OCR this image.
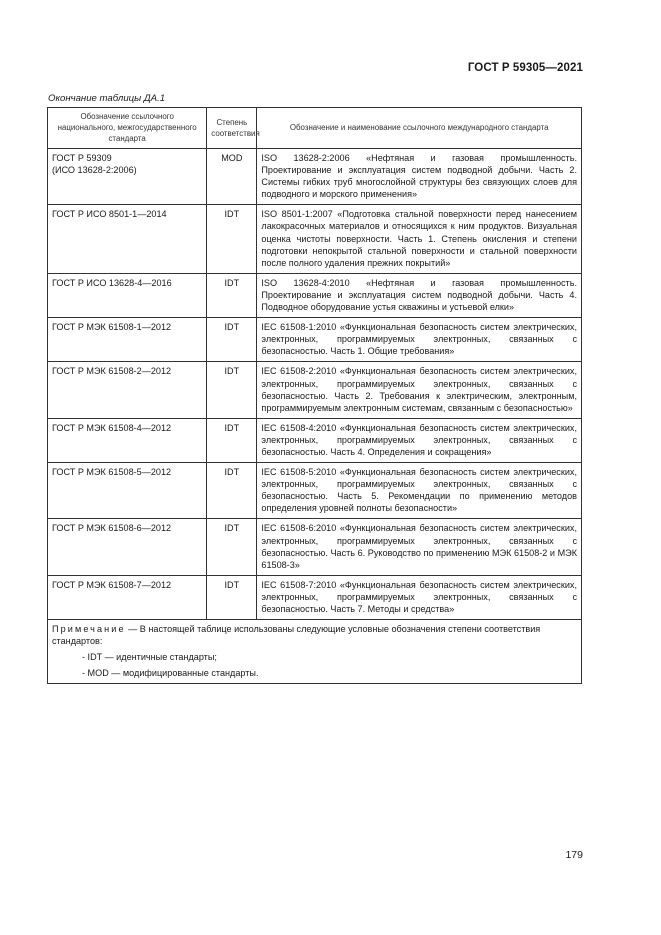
ГОСТ Р 59305—2021
Окончание таблицы ДА.1
Обозначение ссылочного национального, межгосударственного стандарта	Степень соответствия	Обозначение и наименование ссылочного международного стандарта
ГОСТ Р 59309
(ИСО 13628-2:2006)	MOD	ISO 13628-2:2006 «Нефтяная и газовая промышленность. Проектирование и эксплуатация систем подводной добычи. Часть 2. Системы гибких труб многослойной структуры без связующих слоев для подводного и морского применения»
ГОСТ Р ИСО 8501-1—2014	IDT	ISO 8501-1:2007 «Подготовка стальной поверхности перед нанесением лакокрасочных материалов и относящихся к ним продуктов. Визуальная оценка чистоты поверхности. Часть 1. Степень окисления и степени подготовки непокрытой стальной поверхности и стальной поверхности после полного удаления прежних покрытий»
ГОСТ Р ИСО 13628-4—2016	IDT	ISO 13628-4:2010 «Нефтяная и газовая промышленность. Проектирование и эксплуатация систем подводной добычи. Часть 4. Подводное оборудование устья скважины и устьевой елки»
ГОСТ Р МЭК 61508-1—2012	IDT	IEC 61508-1:2010 «Функциональная безопасность систем электрических, электронных, программируемых электронных, связанных с безопасностью. Часть 1. Общие требования»
ГОСТ Р МЭК 61508-2—2012	IDT	IEC 61508-2:2010 «Функциональная безопасность систем электрических, электронных, программируемых электронных, связанных с безопасностью. Часть 2. Требования к электрическим, электронным, программируемым электронным системам, связанным с безопасностью»
ГОСТ Р МЭК 61508-4—2012	IDT	IEC 61508-4:2010 «Функциональная безопасность систем электрических, электронных, программируемых электронных, связанных с безопасностью. Часть 4. Определения и сокращения»
ГОСТ Р МЭК 61508-5—2012	IDT	IEC 61508-5:2010 «Функциональная безопасность систем электрических, электронных, программируемых электронных, связанных с безопасностью. Часть 5. Рекомендации по применению методов определения уровней полноты безопасности»
ГОСТ Р МЭК 61508-6—2012	IDT	IEC 61508-6:2010 «Функциональная безопасность систем электрических, электронных, программируемых электронных, связанных с безопасностью. Часть 6. Руководство по применению МЭК 61508-2 и МЭК 61508-3»
ГОСТ Р МЭК 61508-7—2012	IDT	IEC 61508-7:2010 «Функциональная безопасность систем электрических, электронных, программируемых электронных, связанных с безопасностью. Часть 7. Методы и средства»

Примечание — В настоящей таблице использованы следующие условные обозначения степени соответствия стандартов:
- IDT — идентичные стандарты;
- MOD — модифицированные стандарты.		
179
